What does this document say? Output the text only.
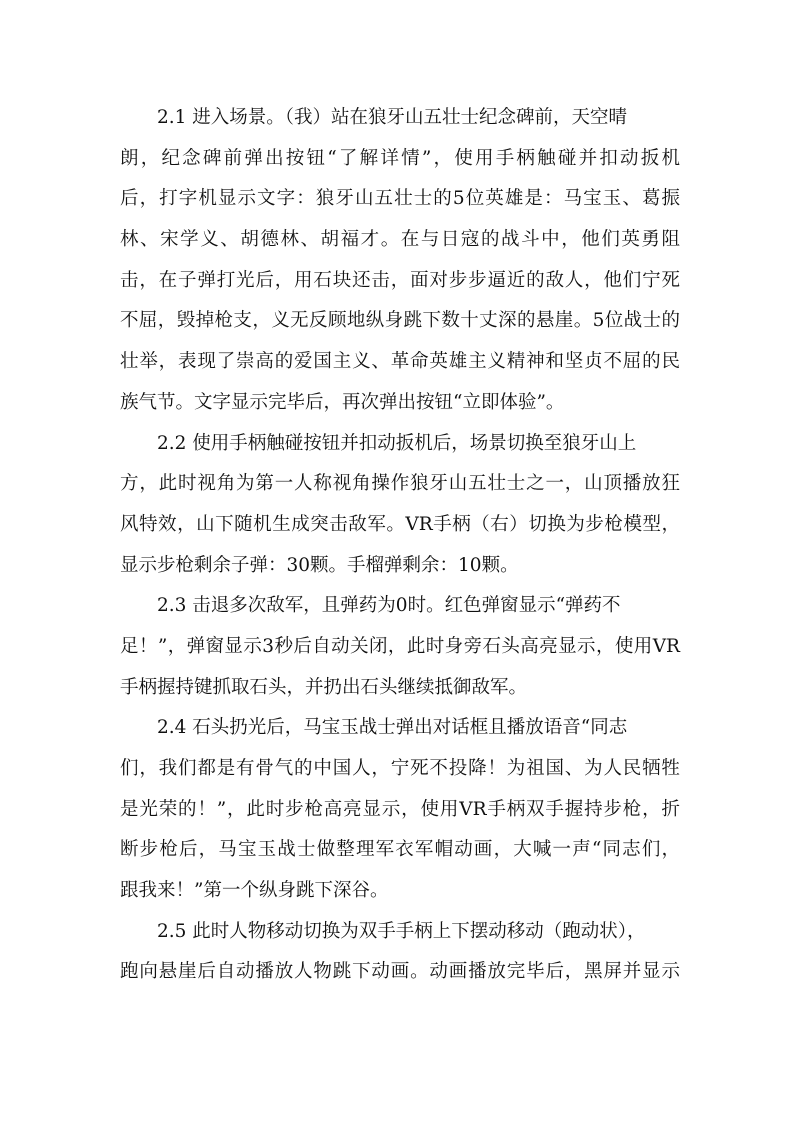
2.1 进入场景。（我）站在狼牙山五壮士纪念碑前，天空晴
朗，纪念碑前弹出按钮“了解详情”，使用手柄触碰并扣动扳机
后，打字机显示文字：狼牙山五壮士的5位英雄是：马宝玉、葛振
林、宋学义、胡德林、胡福才。在与日寇的战斗中，他们英勇阻
击，在子弹打光后，用石块还击，面对步步逼近的敌人，他们宁死
不屈，毁掉枪支，义无反顾地纵身跳下数十丈深的悬崖。5位战士的
壮举，表现了崇高的爱国主义、革命英雄主义精神和坚贞不屈的民
族气节。文字显示完毕后，再次弹出按钮“立即体验”。
2.2 使用手柄触碰按钮并扣动扳机后，场景切换至狼牙山上
方，此时视角为第一人称视角操作狼牙山五壮士之一，山顶播放狂
风特效，山下随机生成突击敌军。VR手柄（右）切换为步枪模型，
显示步枪剩余子弹：30颗。手榴弹剩余：10颗。
2.3 击退多次敌军，且弹药为0时。红色弹窗显示“弹药不
足！”，弹窗显示3秒后自动关闭，此时身旁石头高亮显示，使用VR
手柄握持键抓取石头，并扔出石头继续抵御敌军。
2.4 石头扔光后，马宝玉战士弹出对话框且播放语音“同志
们，我们都是有骨气的中国人，宁死不投降！为祖国、为人民牺牲
是光荣的！”，此时步枪高亮显示，使用VR手柄双手握持步枪，折
断步枪后，马宝玉战士做整理军衣军帽动画，大喊一声“同志们，
跟我来！”第一个纵身跳下深谷。
2.5 此时人物移动切换为双手手柄上下摆动移动（跑动状），
跑向悬崖后自动播放人物跳下动画。动画播放完毕后，黑屏并显示
